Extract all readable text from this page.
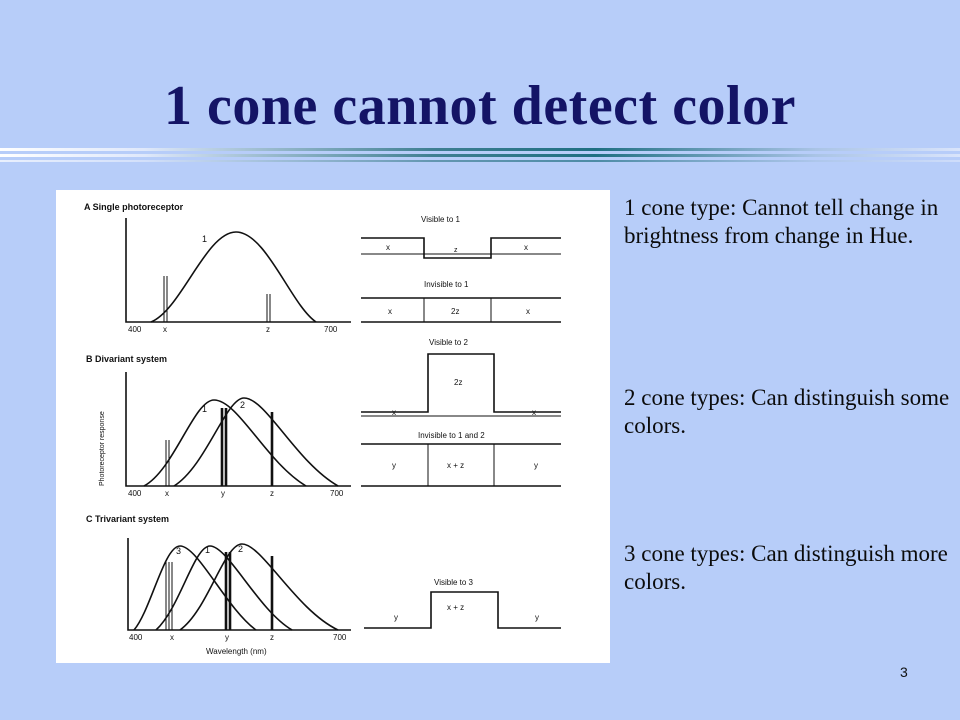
1 cone cannot detect color
A Single photoreceptor
B Divariant system
C Trivariant system
Photoreceptor response
1
400	x	z	700
Visible to 1
x	z	x
Invisible to 1
x	2z	x
1	2
400	x	y	z	700
Visible to 2
x
2z
x
Invisible to 1 and 2
y	x + z	y
3	1	2
400	x	y	z	700
Wavelength (nm)
Visible to 3
y
x + z
y
1 cone type: Cannot tell change in brightness from change in Hue.
2 cone types: Can distinguish some colors.
3 cone types: Can distinguish more colors.
3
